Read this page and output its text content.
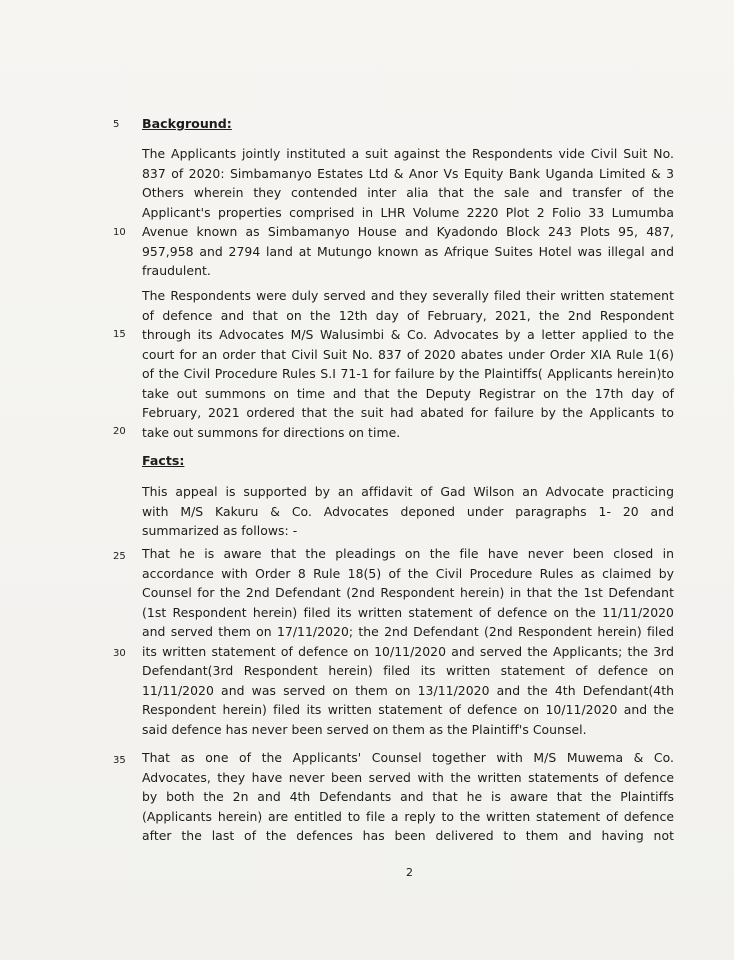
5
10
15
20
25
30
35
Background:
The Applicants jointly instituted a suit against the Respondents vide Civil Suit No.
837 of 2020: Simbamanyo Estates Ltd & Anor Vs Equity Bank Uganda Limited & 3
Others wherein they contended inter alia that the sale and transfer of the
Applicant's properties comprised in LHR Volume 2220 Plot 2 Folio 33 Lumumba
Avenue known as Simbamanyo House and Kyadondo Block 243 Plots 95, 487,
957,958 and 2794 land at Mutungo known as Afrique Suites Hotel was illegal and
fraudulent.
The Respondents were duly served and they severally filed their written statement
of defence and that on the 12th day of February, 2021, the 2nd Respondent
through its Advocates M/S Walusimbi & Co. Advocates by a letter applied to the
court for an order that Civil Suit No. 837 of 2020 abates under Order XIA Rule 1(6)
of the Civil Procedure Rules S.I 71-1 for failure by the Plaintiffs( Applicants herein)to
take out summons on time and that the Deputy Registrar on the 17th day of
February, 2021 ordered that the suit had abated for failure by the Applicants to
take out summons for directions on time.
Facts:
This appeal is supported by an affidavit of Gad Wilson an Advocate practicing
with M/S Kakuru & Co. Advocates deponed under paragraphs 1- 20 and
summarized as follows: -
That he is aware that the pleadings on the file have never been closed in
accordance with Order 8 Rule 18(5) of the Civil Procedure Rules as claimed by
Counsel for the 2nd Defendant (2nd Respondent herein) in that the 1st Defendant
(1st Respondent herein) filed its written statement of defence on the 11/11/2020
and served them on 17/11/2020; the 2nd Defendant (2nd Respondent herein) filed
its written statement of defence on 10/11/2020 and served the Applicants; the 3rd
Defendant(3rd Respondent herein) filed its written statement of defence on
11/11/2020 and was served on them on 13/11/2020 and the 4th Defendant(4th
Respondent herein) filed its written statement of defence on 10/11/2020 and the
said defence has never been served on them as the Plaintiff's Counsel.
That as one of the Applicants' Counsel together with M/S Muwema & Co.
Advocates, they have never been served with the written statements of defence
by both the 2n and 4th Defendants and that he is aware that the Plaintiffs
(Applicants herein) are entitled to file a reply to the written statement of defence
after the last of the defences has been delivered to them and having not
2
